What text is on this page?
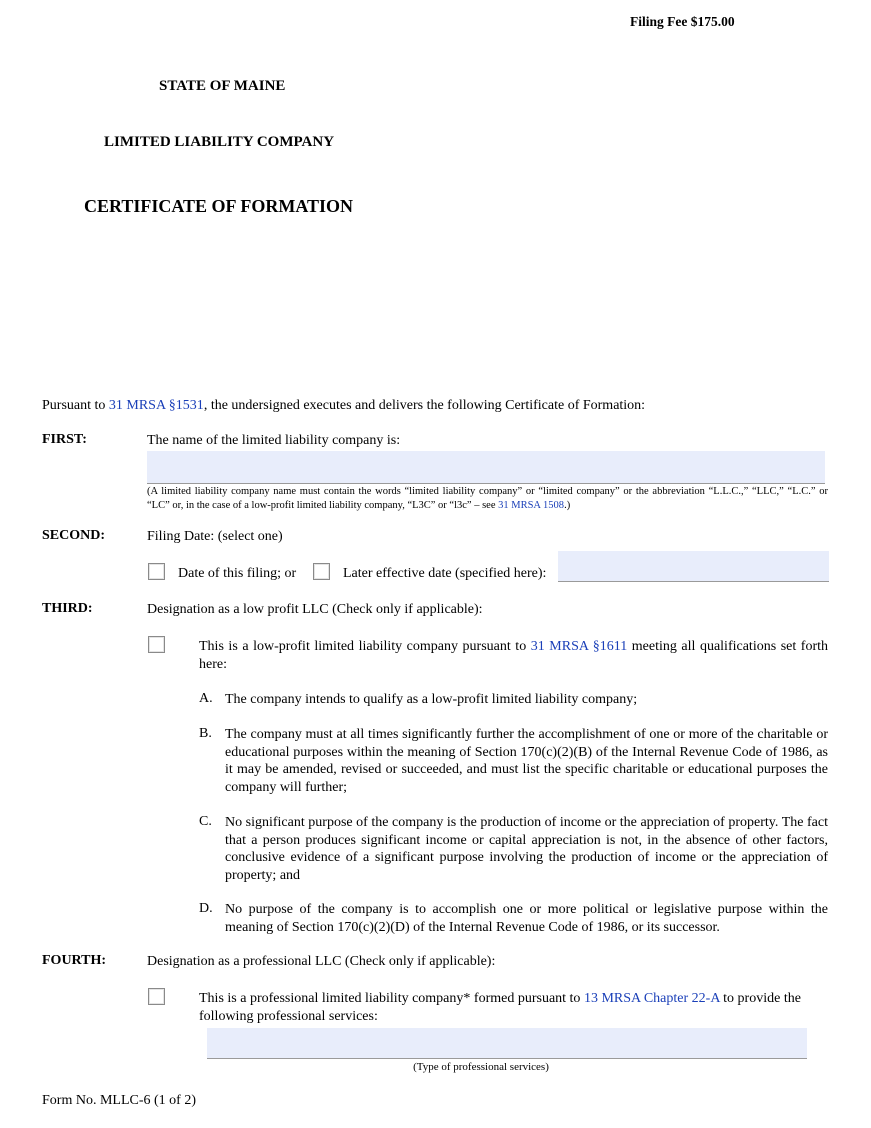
Filing Fee $175.00
STATE OF MAINE
LIMITED LIABILITY COMPANY
CERTIFICATE OF FORMATION
Pursuant to 31 MRSA §1531, the undersigned executes and delivers the following Certificate of Formation:
FIRST:	The name of the limited liability company is:
(A limited liability company name must contain the words “limited liability company” or “limited company” or the abbreviation “L.L.C.,” “LLC,” “L.C.” or “LC” or, in the case of a low-profit limited liability company, “L3C” or “l3c” – see 31 MRSA 1508.)
SECOND:	Filing Date: (select one)
Date of this filing; or	Later effective date (specified here):
THIRD:	Designation as a low profit LLC (Check only if applicable):
This is a low-profit limited liability company pursuant to 31 MRSA §1611 meeting all qualifications set forth here:
A. The company intends to qualify as a low-profit limited liability company;
B. The company must at all times significantly further the accomplishment of one or more of the charitable or educational purposes within the meaning of Section 170(c)(2)(B) of the Internal Revenue Code of 1986, as it may be amended, revised or succeeded, and must list the specific charitable or educational purposes the company will further;
C. No significant purpose of the company is the production of income or the appreciation of property. The fact that a person produces significant income or capital appreciation is not, in the absence of other factors, conclusive evidence of a significant purpose involving the production of income or the appreciation of property; and
D. No purpose of the company is to accomplish one or more political or legislative purpose within the meaning of Section 170(c)(2)(D) of the Internal Revenue Code of 1986, or its successor.
FOURTH:	Designation as a professional LLC (Check only if applicable):
This is a professional limited liability company* formed pursuant to 13 MRSA Chapter 22-A to provide the following professional services:
(Type of professional services)
Form No. MLLC-6 (1 of 2)
